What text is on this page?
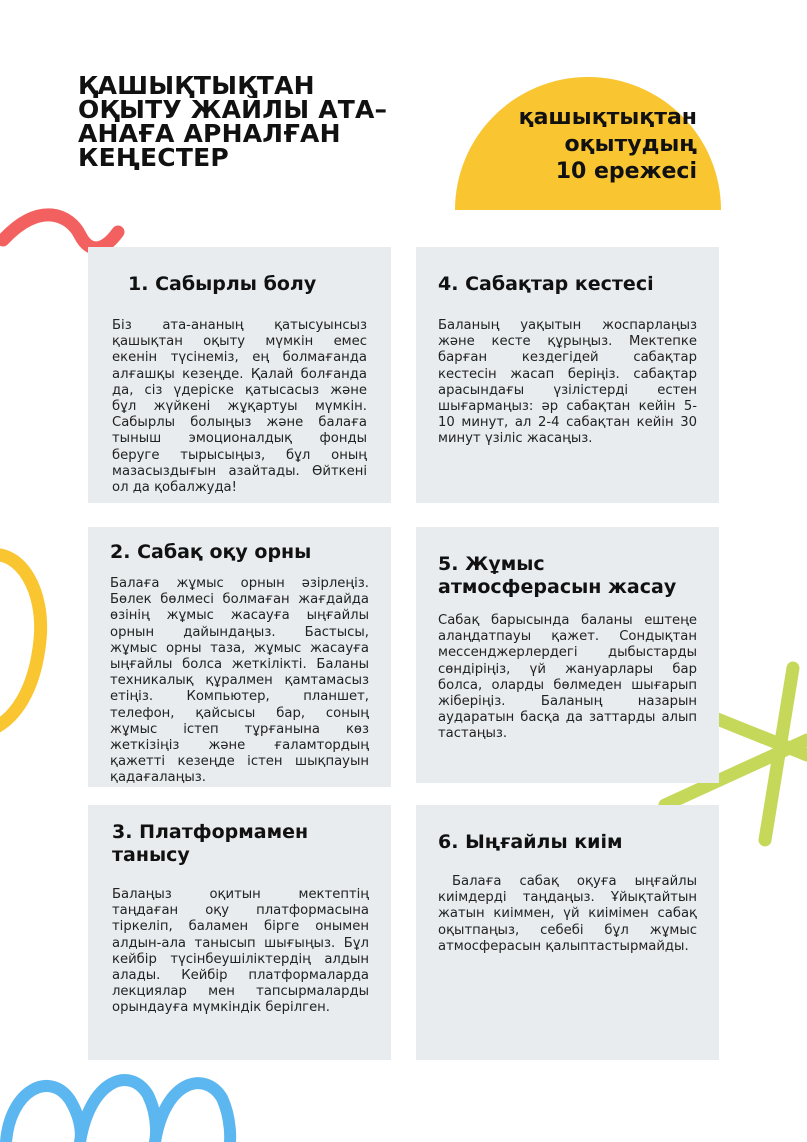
ҚАШЫҚТЫҚТАН
ОҚЫТУ ЖАЙЛЫ АТА–
АНАҒА АРНАЛҒАН
КЕҢЕСТЕР
қашықтықтан
оқытудың
10 ережесі
1. Сабырлы болу

Біз ата-ананың қатысуынсыз қашықтан оқыту мүмкін емес екенін түсінеміз, ең болмағанда алғашқы кезеңде. Қалай болғанда да, сіз үдеріске қатысасыз және бұл жүйкені жұқартуы мүмкін. Сабырлы болыңыз және балаға тыныш эмоционалдық фонды беруге тырысыңыз, бұл оның мазасыздығын азайтады. Өйткені ол да қобалжуда!

2. Сабақ оқу орны

Балаға жұмыс орнын әзірлеңіз. Бөлек бөлмесі болмаған жағдайда өзінің жұмыс жасауға ыңғайлы орнын дайындаңыз. Бастысы, жұмыс орны таза, жұмыс жасауға ыңғайлы болса жеткілікті. Баланы техникалық құралмен қамтамасыз етіңіз. Компьютер, планшет, телефон, қайсысы бар, соның жұмыс істеп тұрғанына көз жеткізіңіз және ғаламтордың қажетті кезеңде істен шықпауын қадағалаңыз.

3. Платформамен танысу

Балаңыз оқитын мектептің таңдаған оқу платформасына тіркеліп, баламен бірге онымен алдын-ала танысып шығыңыз. Бұл кейбір түсінбеушіліктердің алдын алады. Кейбір платформаларда лекциялар мен тапсырмаларды орындауға мүмкіндік берілген.

4. Сабақтар кестесі

Баланың уақытын жоспарлаңыз және кесте құрыңыз. Мектепке барған кездегідей сабақтар кестесін жасап беріңіз. сабақтар арасындағы үзілістерді естен шығармаңыз: әр сабақтан кейін 5-10 минут, ал 2-4 сабақтан кейін 30 минут үзіліс жасаңыз.

5. Жұмыс атмосферасын жасау

Сабақ барысында баланы ештеңе алаңдатпауы қажет. Сондықтан мессенджерлердегі дыбыстарды сөндіріңіз, үй жануарлары бар болса, оларды бөлмеден шығарып жіберіңіз. Баланың назарын аударатын басқа да заттарды алып тастаңыз.

6. Ыңғайлы киім

Балаға сабақ оқуға ыңғайлы киімдерді таңдаңыз. Ұйықтайтын жатын киіммен, үй киімімен сабақ оқытпаңыз, себебі бұл жұмыс атмосферасын қалыптастырмайды.
